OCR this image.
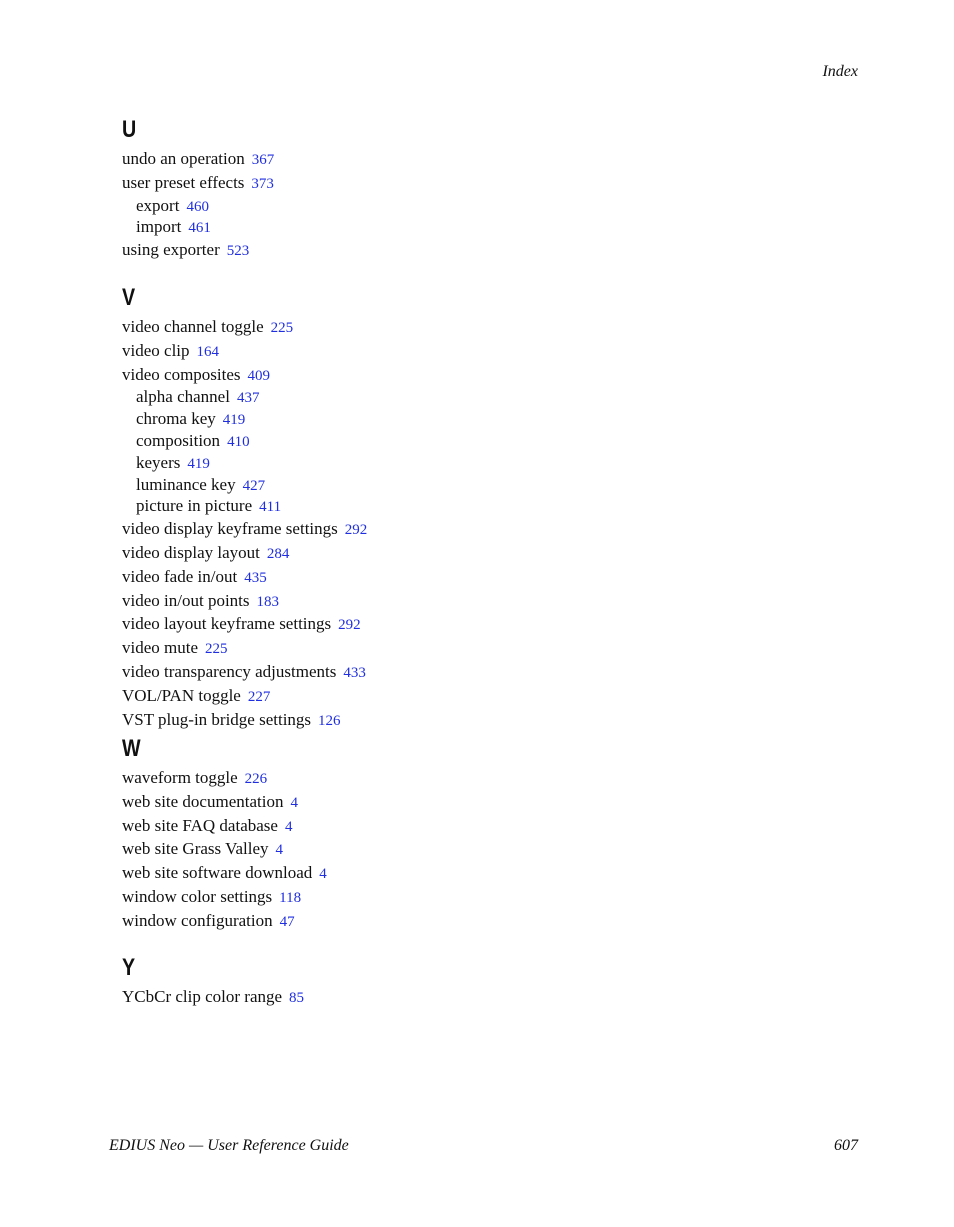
Index
U
undo an operation 367
user preset effects 373
export 460
import 461
using exporter 523
V
video channel toggle 225
video clip 164
video composites 409
alpha channel 437
chroma key 419
composition 410
keyers 419
luminance key 427
picture in picture 411
video display keyframe settings 292
video display layout 284
video fade in/out 435
video in/out points 183
video layout keyframe settings 292
video mute 225
video transparency adjustments 433
VOL/PAN toggle 227
VST plug-in bridge settings 126
W
waveform toggle 226
web site documentation 4
web site FAQ database 4
web site Grass Valley 4
web site software download 4
window color settings 118
window configuration 47
Y
YCbCr clip color range 85
EDIUS Neo — User Reference Guide	607
